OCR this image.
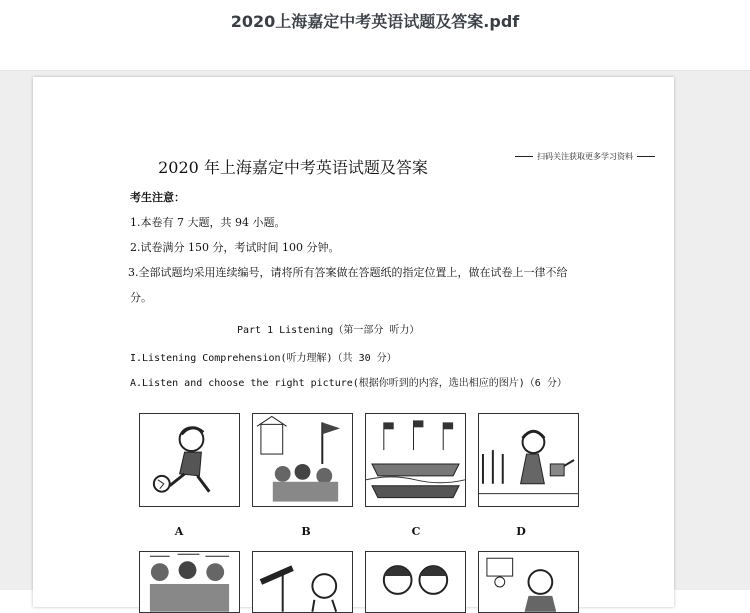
2020上海嘉定中考英语试题及答案.pdf
扫码关注获取更多学习资料
2020 年上海嘉定中考英语试题及答案
考生注意：
1.本卷有 7 大题，共 94 小题。
2.试卷满分 150 分，考试时间 100 分钟。
3.全部试题均采用连续编号，请将所有答案做在答题纸的指定位置上，做在试卷上一律不给
分。
Part 1 Listening（第一部分 听力）
I.Listening Comprehension(听力理解)（共 30 分）
A.Listen and choose the right picture(根据你听到的内容，选出相应的图片)（6 分）
A	B	C	D
